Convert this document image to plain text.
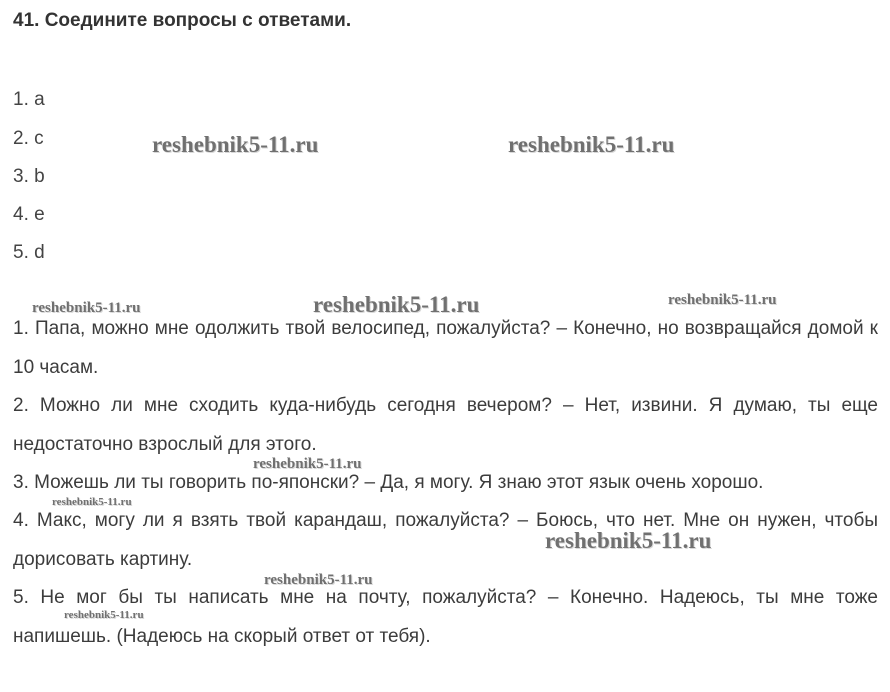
41. Соедините вопросы с ответами.
1. a
2. c
3. b
4. e
5. d
1. Папа, можно мне одолжить твой велосипед, пожалуйста? – Конечно, но возвращайся домой к 10 часам.
2. Можно ли мне сходить куда-нибудь сегодня вечером? – Нет, извини. Я думаю, ты еще недостаточно взрослый для этого.
3. Можешь ли ты говорить по-японски? – Да, я могу. Я знаю этот язык очень хорошо.
4. Макс, могу ли я взять твой карандаш, пожалуйста? – Боюсь, что нет. Мне он нужен, чтобы дорисовать картину.
5. Не мог бы ты написать мне на почту, пожалуйста? – Конечно. Надеюсь, ты мне тоже напишешь. (Надеюсь на скорый ответ от тебя).
reshebnik5-11.ru	reshebnik5-11.ru
reshebnik5-11.ru	reshebnik5-11.ru	reshebnik5-11.ru
reshebnik5-11.ru
reshebnik5-11.ru
reshebnik5-11.ru
reshebnik5-11.ru
reshebnik5-11.ru
